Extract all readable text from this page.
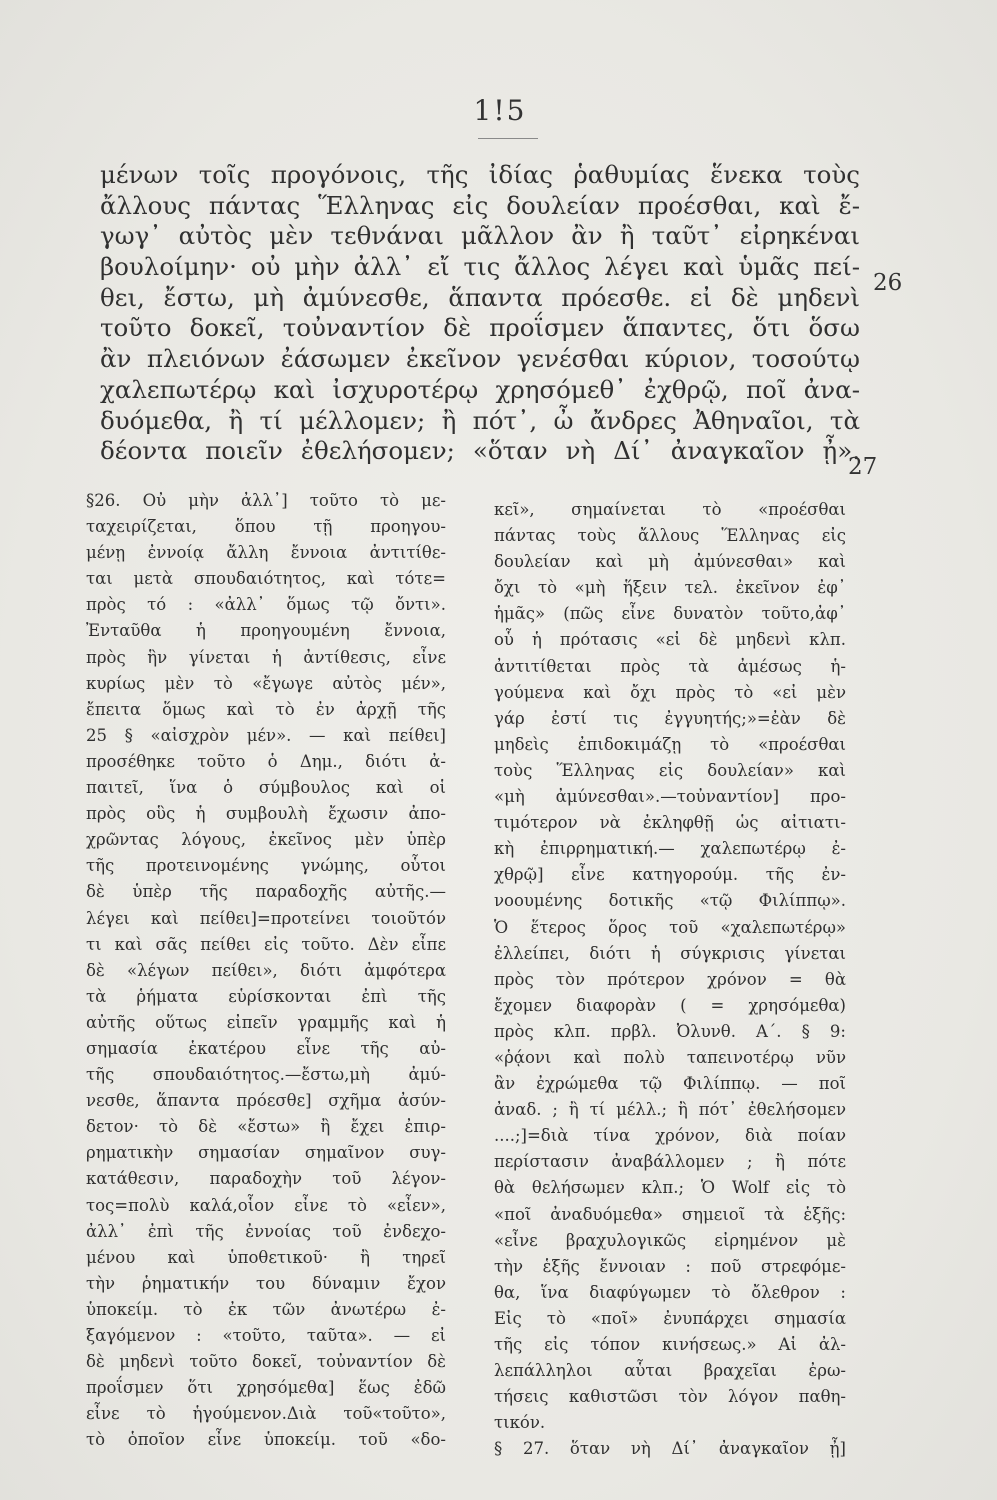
1!5
μένων τοῖς προγόνοις, τῆς ἰδίας ῥαθυμίας ἕνεκα τοὺς
ἄλλους πάντας Ἕλληνας εἰς δουλείαν προέσθαι, καὶ ἔ-
γωγ᾿ αὐτὸς μὲν τεθνάναι μᾶλλον ἂν ἢ ταῦτ᾿ εἰρηκέναι
βουλοίμην· οὐ μὴν ἀλλ᾿ εἴ τις ἄλλος λέγει καὶ ὑμᾶς πεί-
θει, ἔστω, μὴ ἀμύνεσθε, ἅπαντα πρόεσθε. εἰ δὲ μηδενὶ
τοῦτο δοκεῖ, τοὐναντίον δὲ προΐσμεν ἅπαντες, ὅτι ὅσω
ἂν πλειόνων ἐάσωμεν ἐκεῖνον γενέσθαι κύριον, τοσούτῳ
χαλεπωτέρῳ καὶ ἰσχυροτέρῳ χρησόμεθ᾿ ἐχθρῷ, ποῖ ἀνα-
δυόμεθα, ἢ τί μέλλομεν; ἢ πότ᾿, ὦ ἄνδρες Ἀθηναῖοι, τὰ
δέοντα ποιεῖν ἐθελήσομεν; «ὅταν νὴ Δί᾿ ἀναγκαῖον ᾖ».
26
27
§26. Οὐ μὴν ἀλλ᾿] τοῦτο τὸ με-
ταχειρίζεται, ὅπου τῇ προηγου-
μένῃ ἐννοίᾳ ἄλλη ἔννοια ἀντιτίθε-
ται μετὰ σπουδαιότητος, καὶ τότε=
πρὸς τό : «ἀλλ᾿ ὅμως τῷ ὄντι».
Ἐνταῦθα ἡ προηγουμένη ἔννοια,
πρὸς ἣν γίνεται ἡ ἀντίθεσις, εἶνε
κυρίως μὲν τὸ «ἔγωγε αὐτὸς μέν»,
ἔπειτα ὅμως καὶ τὸ ἐν ἀρχῇ τῆς
25 § «αἰσχρὸν μέν». — καὶ πείθει]
προσέθηκε τοῦτο ὁ Δημ., διότι ἀ-
παιτεῖ, ἵνα ὁ σύμβουλος καὶ οἱ
πρὸς οὓς ἡ συμβουλὴ ἔχωσιν ἀπο-
χρῶντας λόγους, ἐκεῖνος μὲν ὑπὲρ
τῆς προτεινομένης γνώμης, οὗτοι
δὲ ὑπὲρ τῆς παραδοχῆς αὐτῆς.—
λέγει καὶ πείθει]=προτείνει τοιοῦτόν
τι καὶ σᾶς πείθει εἰς τοῦτο. Δὲν εἶπε
δὲ «λέγων πείθει», διότι ἀμφότερα
τὰ ῥήματα εὑρίσκονται ἐπὶ τῆς
αὐτῆς οὕτως εἰπεῖν γραμμῆς καὶ ἡ
σημασία ἑκατέρου εἶνε τῆς αὐ-
τῆς σπουδαιότητος.—ἔστω,μὴ ἀμύ-
νεσθε, ἅπαντα πρόεσθε] σχῆμα ἀσύν-
δετον· τὸ δὲ «ἔστω» ἢ ἔχει ἐπιρ-
ρηματικὴν σημασίαν σημαῖνον συγ-
κατάθεσιν, παραδοχὴν τοῦ λέγον-
τος=πολὺ καλά,οἷον εἶνε τὸ «εἶεν»,
ἀλλ᾿ ἐπὶ τῆς ἐννοίας τοῦ ἐνδεχο-
μένου καὶ ὑποθετικοῦ· ἢ τηρεῖ
τὴν ῥηματικήν του δύναμιν ἔχον
ὑποκείμ. τὸ ἐκ τῶν ἀνωτέρω ἐ-
ξαγόμενον : «τοῦτο, ταῦτα». — εἰ
δὲ μηδενὶ τοῦτο δοκεῖ, τοὐναντίον δὲ
προΐσμεν ὅτι χρησόμεθα] ἕως ἐδῶ
εἶνε τὸ ἡγούμενον.Διὰ τοῦ«τοῦτο»,
τὸ ὁποῖον εἶνε ὑποκείμ. τοῦ «δο-
κεῖ», σημαίνεται τὸ «προέσθαι
πάντας τοὺς ἄλλους Ἕλληνας εἰς
δουλείαν καὶ μὴ ἀμύνεσθαι» καὶ
ὄχι τὸ «μὴ ἥξειν τελ. ἐκεῖνον ἐφ᾿
ἡμᾶς» (πῶς εἶνε δυνατὸν τοῦτο,ἀφ᾿
οὗ ἡ πρότασις «εἰ δὲ μηδενὶ κλπ.
ἀντιτίθεται πρὸς τὰ ἀμέσως ἡ-
γούμενα καὶ ὄχι πρὸς τὸ «εἰ μὲν
γάρ ἐστί τις ἐγγυητής;»=ἐὰν δὲ
μηδεὶς ἐπιδοκιμάζῃ τὸ «προέσθαι
τοὺς Ἕλληνας εἰς δουλείαν» καὶ
«μὴ ἀμύνεσθαι».—τοὐναντίον] προ-
τιμότερον νὰ ἐκληφθῇ ὡς αἰτιατι-
κὴ ἐπιρρηματική.— χαλεπωτέρῳ ἐ-
χθρῷ] εἶνε κατηγορούμ. τῆς ἐν-
νοουμένης δοτικῆς «τῷ Φιλίππῳ».
Ὁ ἕτερος ὅρος τοῦ «χαλεπωτέρῳ»
ἐλλείπει, διότι ἡ σύγκρισις γίνεται
πρὸς τὸν πρότερον χρόνον = θὰ
ἔχομεν διαφορὰν ( = χρησόμεθα)
πρὸς κλπ. πρβλ. Ὀλυνθ. Α΄. § 9:
«ῥᾴονι καὶ πολὺ ταπεινοτέρῳ νῦν
ἂν ἐχρώμεθα τῷ Φιλίππῳ. — ποῖ
ἀναδ. ; ἢ τί μέλλ.; ἢ πότ᾿ ἐθελήσομεν
....;]=διὰ τίνα χρόνον, διὰ ποίαν
περίστασιν ἀναβάλλομεν ; ἢ πότε
θὰ θελήσωμεν κλπ.; Ὁ Wolf εἰς τὸ
«ποῖ ἀναδυόμεθα» σημειοῖ τὰ ἑξῆς:
«εἶνε βραχυλογικῶς εἰρημένον μὲ
τὴν ἑξῆς ἔννοιαν : ποῦ στρεφόμε-
θα, ἵνα διαφύγωμεν τὸ ὄλεθρον :
Εἰς τὸ «ποῖ» ἐνυπάρχει σημασία
τῆς εἰς τόπον κινήσεως.» Αἱ ἀλ-
λεπάλληλοι αὗται βραχεῖαι ἐρω-
τήσεις καθιστῶσι τὸν λόγον παθη-
τικόν.
§ 27. ὅταν νὴ Δί᾿ ἀναγκαῖον ᾖ]
